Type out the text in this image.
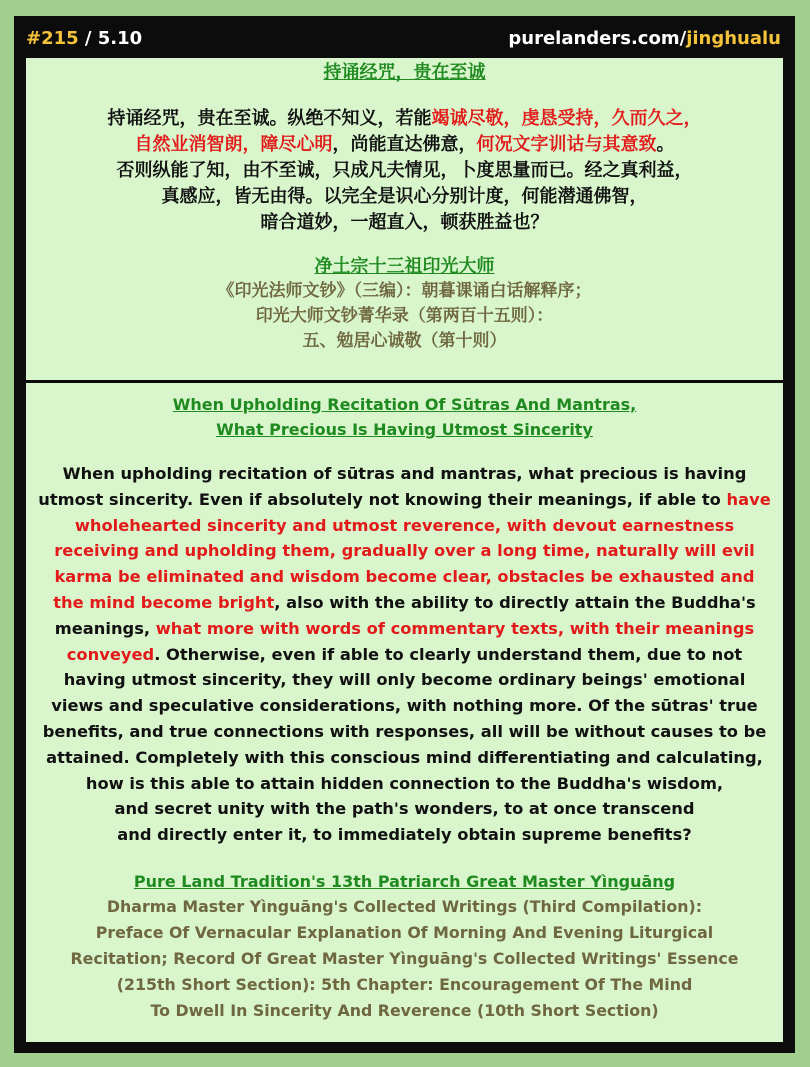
#215 / 5.10	purelanders.com/jinghualu

持诵经咒，贵在至诚

持诵经咒，贵在至诚。纵绝不知义，若能竭诚尽敬，虔恳受持，久而久之，
自然业消智朗，障尽心明，尚能直达佛意，何况文字训诂与其意致。
否则纵能了知，由不至诚，只成凡夫情见，卜度思量而已。经之真利益，
真感应，皆无由得。以完全是识心分别计度，何能潜通佛智，
暗合道妙，一超直入，顿获胜益也？

净土宗十三祖印光大师

《印光法师文钞》（三编）：朝暮课诵白话解释序；
印光大师文钞菁华录（第两百十五则）：
五、勉居心诚敬（第十则）
When Upholding Recitation Of Sūtras And Mantras,
What Precious Is Having Utmost Sincerity
When upholding recitation of sūtras and mantras, what precious is having
utmost sincerity. Even if absolutely not knowing their meanings, if able to have
wholehearted sincerity and utmost reverence, with devout earnestness
receiving and upholding them, gradually over a long time, naturally will evil
karma be eliminated and wisdom become clear, obstacles be exhausted and
the mind become bright, also with the ability to directly attain the Buddha's
meanings, what more with words of commentary texts, with their meanings
conveyed. Otherwise, even if able to clearly understand them, due to not
having utmost sincerity, they will only become ordinary beings' emotional
views and speculative considerations, with nothing more. Of the sūtras' true
benefits, and true connections with responses, all will be without causes to be
attained. Completely with this conscious mind differentiating and calculating,
how is this able to attain hidden connection to the Buddha's wisdom,
and secret unity with the path's wonders, to at once transcend
and directly enter it, to immediately obtain supreme benefits?

Pure Land Tradition's 13th Patriarch Great Master Yìnguāng

Dharma Master Yìnguāng's Collected Writings (Third Compilation):
Preface Of Vernacular Explanation Of Morning And Evening Liturgical
Recitation; Record Of Great Master Yìnguāng's Collected Writings' Essence
(215th Short Section): 5th Chapter: Encouragement Of The Mind
To Dwell In Sincerity And Reverence (10th Short Section)
